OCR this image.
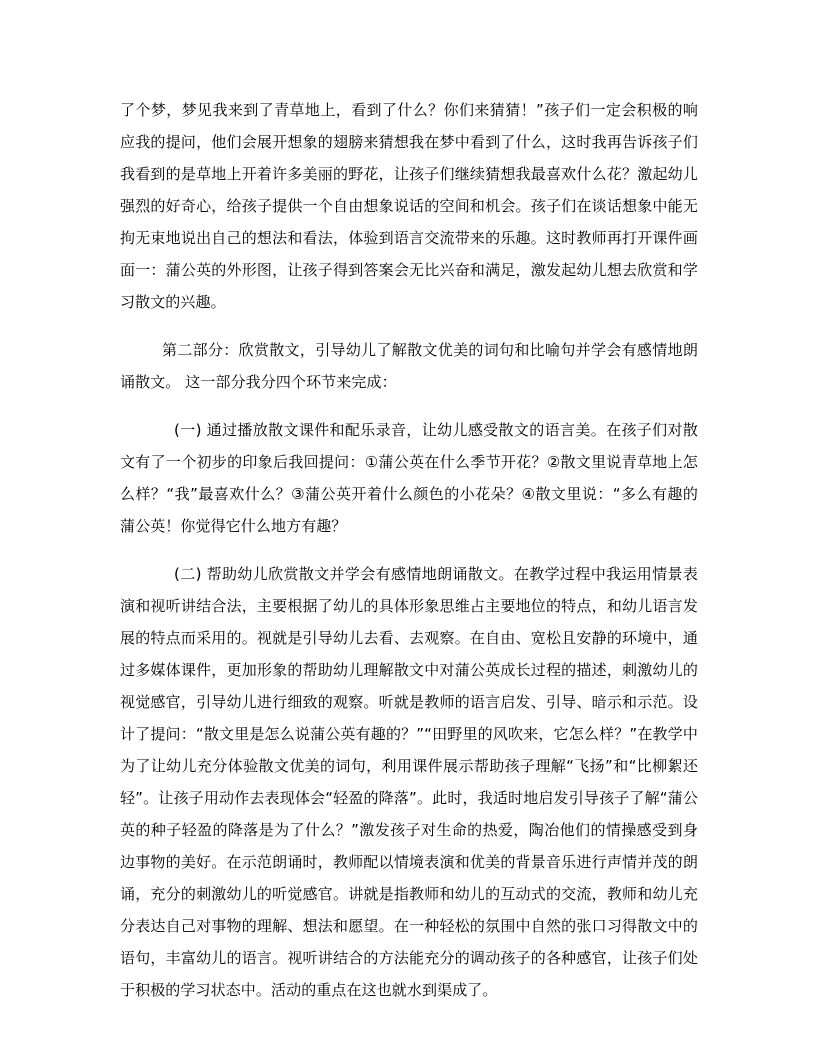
了个梦，梦见我来到了青草地上，看到了什么？你们来猜猜！”孩子们一定会积极的响应我的提问，他们会展开想象的翅膀来猜想我在梦中看到了什么，这时我再告诉孩子们我看到的是草地上开着许多美丽的野花，让孩子们继续猜想我最喜欢什么花？激起幼儿强烈的好奇心，给孩子提供一个自由想象说话的空间和机会。孩子们在谈话想象中能无拘无束地说出自己的想法和看法，体验到语言交流带来的乐趣。这时教师再打开课件画面一：蒲公英的外形图，让孩子得到答案会无比兴奋和满足，激发起幼儿想去欣赏和学习散文的兴趣。

第二部分：欣赏散文，引导幼儿了解散文优美的词句和比喻句并学会有感情地朗诵散文。 这一部分我分四个环节来完成：

(一) 通过播放散文课件和配乐录音，让幼儿感受散文的语言美。在孩子们对散文有了一个初步的印象后我回提问：①蒲公英在什么季节开花？②散文里说青草地上怎么样？“我”最喜欢什么？③蒲公英开着什么颜色的小花朵？④散文里说：“多么有趣的蒲公英！你觉得它什么地方有趣？

(二) 帮助幼儿欣赏散文并学会有感情地朗诵散文。在教学过程中我运用情景表演和视听讲结合法，主要根据了幼儿的具体形象思维占主要地位的特点，和幼儿语言发展的特点而采用的。视就是引导幼儿去看、去观察。在自由、宽松且安静的环境中，通过多媒体课件，更加形象的帮助幼儿理解散文中对蒲公英成长过程的描述，刺激幼儿的视觉感官，引导幼儿进行细致的观察。听就是教师的语言启发、引导、暗示和示范。设计了提问：“散文里是怎么说蒲公英有趣的？”“田野里的风吹来，它怎么样？”在教学中为了让幼儿充分体验散文优美的词句，利用课件展示帮助孩子理解“飞扬”和“比柳絮还轻”。让孩子用动作去表现体会“轻盈的降落”。此时，我适时地启发引导孩子了解“蒲公英的种子轻盈的降落是为了什么？”激发孩子对生命的热爱，陶冶他们的情操感受到身边事物的美好。在示范朗诵时，教师配以情境表演和优美的背景音乐进行声情并茂的朗诵，充分的刺激幼儿的听觉感官。讲就是指教师和幼儿的互动式的交流，教师和幼儿充分表达自己对事物的理解、想法和愿望。在一种轻松的氛围中自然的张口习得散文中的语句，丰富幼儿的语言。视听讲结合的方法能充分的调动孩子的各种感官，让孩子们处于积极的学习状态中。活动的重点在这也就水到渠成了。
